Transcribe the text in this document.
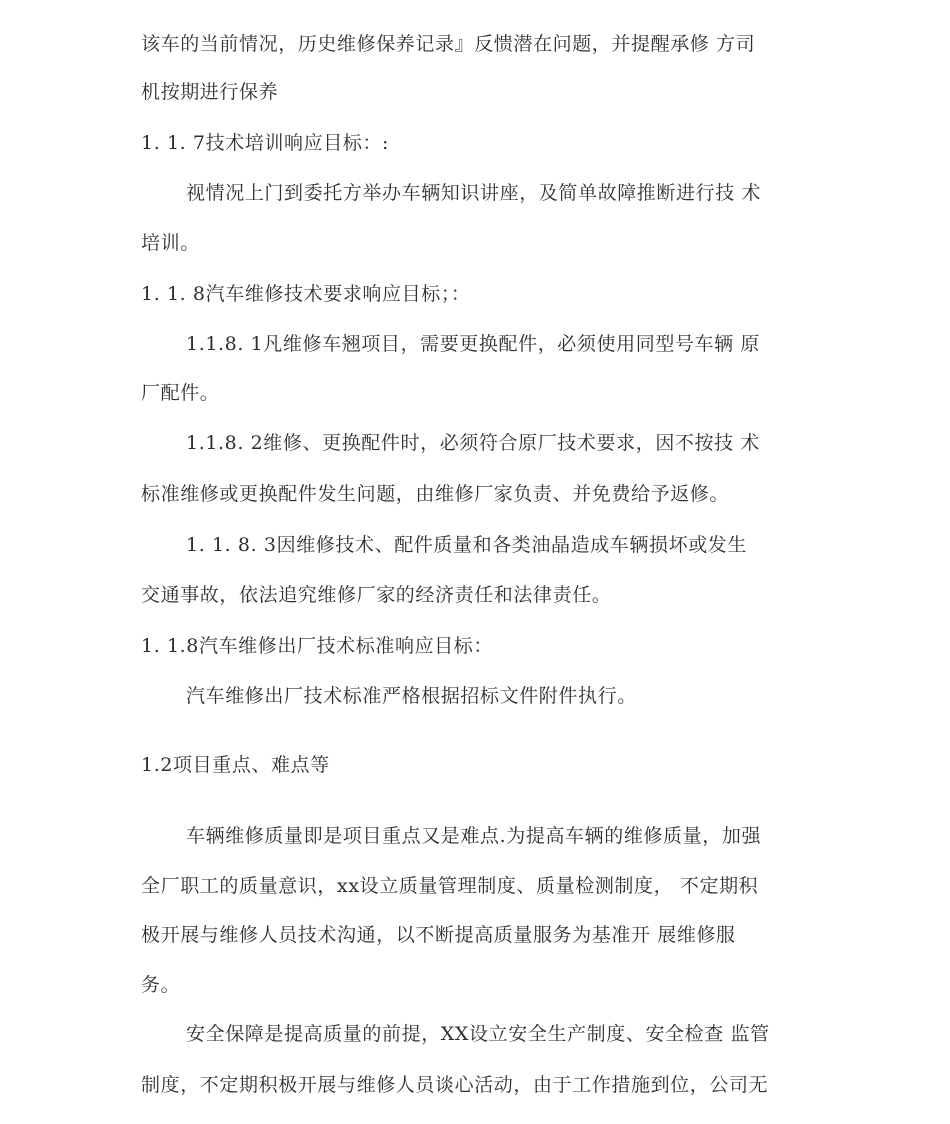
该车的当前情况，历史维修保养记录』反愦潜在问题，并提醒承修 方司
机按期进行保养
1. 1. 7技术培训响应目标：:
视情况上门到委托方举办车辆知识讲座，及简单故障推断进行技 术
培训。
1. 1. 8汽车维修技术要求响应目标；：
1.1.8. 1凡维修车翘项目，需要更换配件，必须使用同型号车辆 原
厂配件。
1.1.8. 2维修、更换配件时，必须符合原厂技术要求，因不按技 术
标准维修或更换配件发生问题，由维修厂家负责、并免费给予返修。
1. 1. 8. 3因维修技术、配件质量和各类油晶造成车辆损坏或发生
交通事故，依法追究维修厂家的经济责任和法律责任。
1. 1.8汽车维修出厂技术标准响应目标：
汽车维修出厂技术标准严格根据招标文件附件执行。
1.2项目重点、难点等
车辆维修质量即是项目重点又是难点.为提高车辆的维修质量，加强
全厂职工的质量意识，xx设立质量管理制度、质量检测制度， 不定期积
极开展与维修人员技术沟通，以不断提高质量服务为基准开 展维修服
务。
安全保障是提高质量的前提，XX设立安全生产制度、安全检查 监管
制度，不定期积极开展与维修人员谈心活动，由于工作措施到位，公司无
